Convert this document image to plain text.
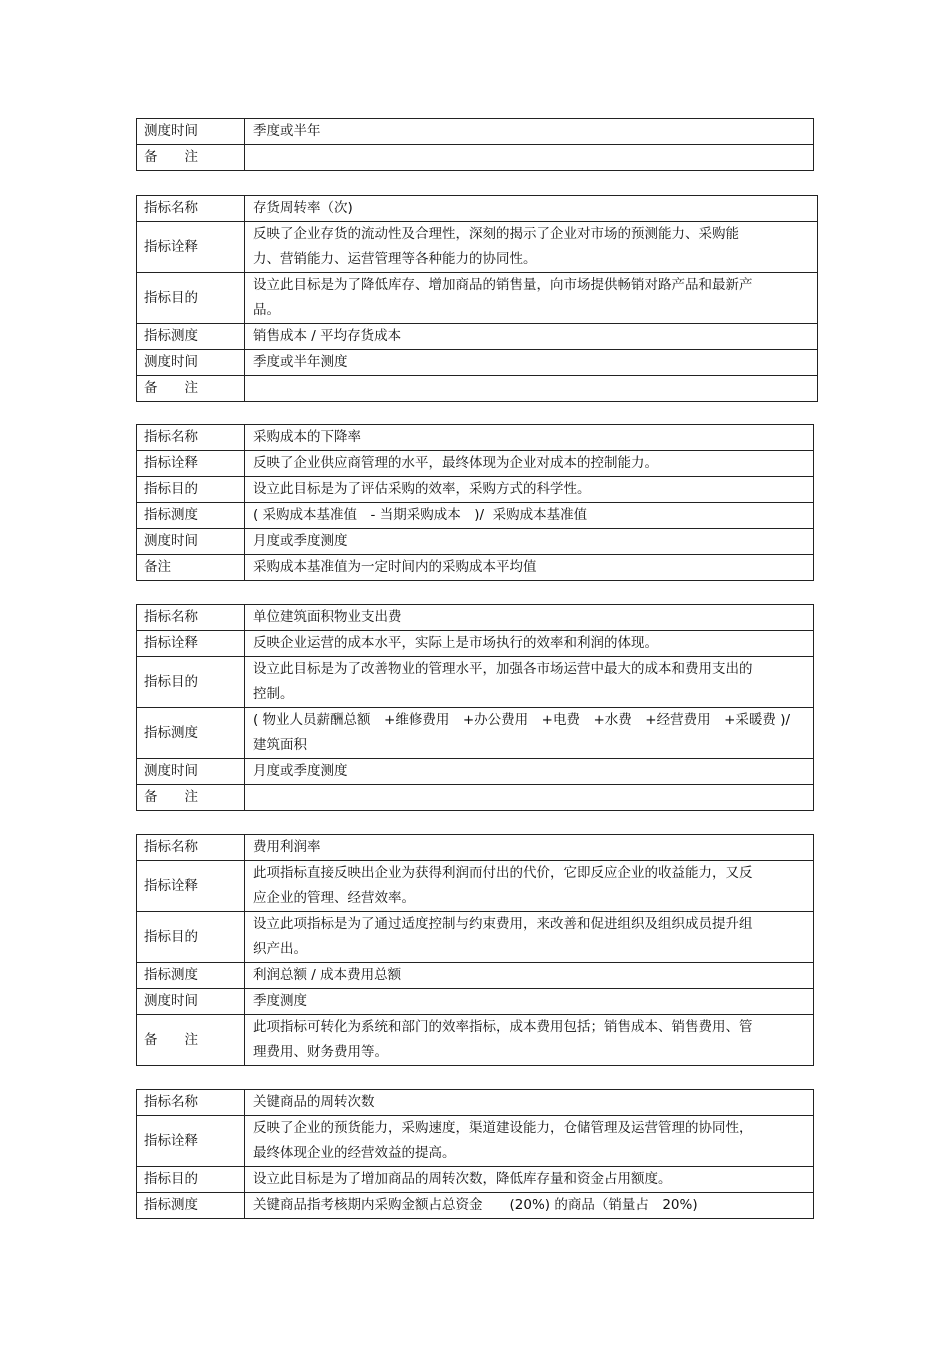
测度时间	季度或半年
备　　注	
指标名称	存货周转率（次)
指标诠释	反映了企业存货的流动性及合理性，深刻的揭示了企业对市场的预测能力、采购能力、营销能力、运营管理等各种能力的协同性。
指标目的	设立此目标是为了降低库存、增加商品的销售量，向市场提供畅销对路产品和最新产品。
指标测度	销售成本 / 平均存货成本
测度时间	季度或半年测度
备　　注	
指标名称	采购成本的下降率
指标诠释	反映了企业供应商管理的水平，最终体现为企业对成本的控制能力。
指标目的	设立此目标是为了评估采购的效率，采购方式的科学性。
指标测度	( 采购成本基准值　- 当期采购成本　)/  采购成本基准值
测度时间	月度或季度测度
备注	采购成本基准值为一定时间内的采购成本平均值
指标名称	单位建筑面积物业支出费
指标诠释	反映企业运营的成本水平，实际上是市场执行的效率和利润的体现。
指标目的	设立此目标是为了改善物业的管理水平，加强各市场运营中最大的成本和费用支出的控制。
指标测度	( 物业人员薪酬总额　+维修费用　+办公费用　+电费　+水费　+经营费用　+采暖费 )/  建筑面积
测度时间	月度或季度测度
备　　注	
指标名称	费用利润率
指标诠释	此项指标直接反映出企业为获得利润而付出的代价，它即反应企业的收益能力，又反应企业的管理、经营效率。
指标目的	设立此项指标是为了通过适度控制与约束费用，来改善和促进组织及组织成员提升组织产出。
指标测度	利润总额 / 成本费用总额
测度时间	季度测度
备　　注	此项指标可转化为系统和部门的效率指标，成本费用包括；销售成本、销售费用、管理费用、财务费用等。
指标名称	关键商品的周转次数
指标诠释	反映了企业的预货能力，采购速度，渠道建设能力，仓储管理及运营管理的协同性，最终体现企业的经营效益的提高。
指标目的	设立此目标是为了增加商品的周转次数，降低库存量和资金占用额度。
指标测度	关键商品指考核期内采购金额占总资金　　(20%) 的商品（销量占　20%)
